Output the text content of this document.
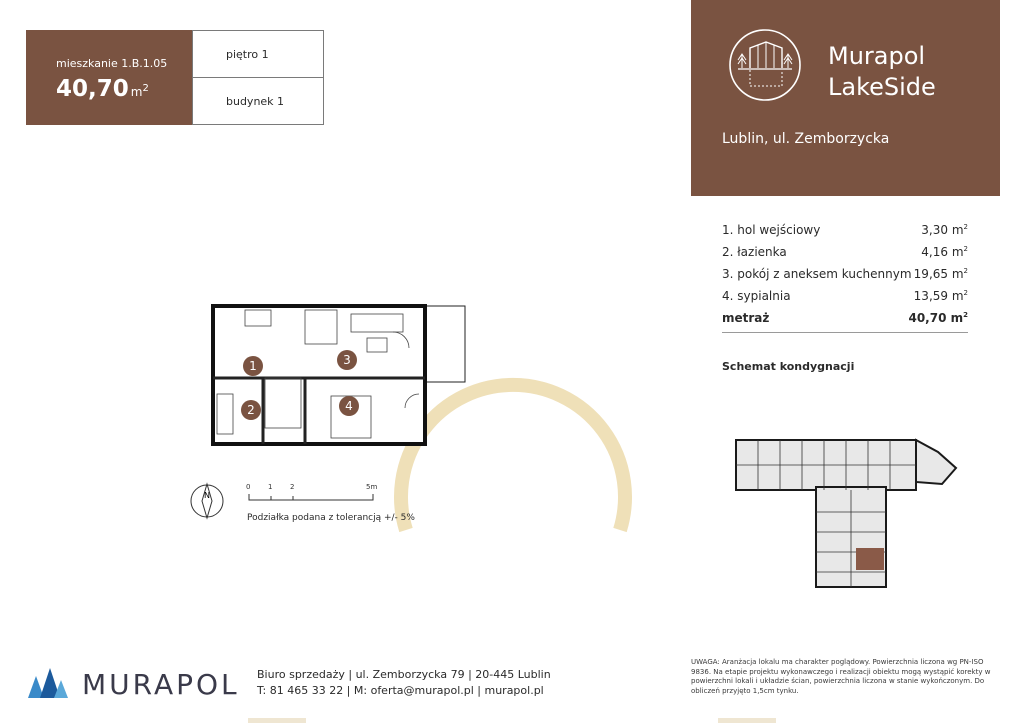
mieszkanie 1.B.1.05
40,70 $m^2$
piętro 1
budynek 1
Murapol
LakeSide
Lublin, ul. Zemborzycka
1. hol wejściowy	3,30 $m^2$
2. łazienka	4,16 $m^2$
3. pokój z aneksem kuchennym 19,65 $m^2$
4. sypialnia	13,59 $m^2$
metraż	40,70 $m^2$
Schemat kondygnacji
1
2
3
4
N
0	1	2	5m
Podziałka podana z tolerancją +/- 5%
MURAPOL Biuro sprzedaży | ul. Zemborzycka 79 | 20-445 Lublin
T: 81 465 33 22 | M: oferta@murapol.pl | murapol.pl
UWAGA: Aranżacja lokalu ma charakter poglądowy. Powierzchnia liczona wg PN-ISO 9836. Na etapie projektu wykonawczego i realizacji obiektu mogą wystąpić korekty w powierzchni lokali i układzie ścian, powierzchnia liczona w stanie wykończonym. Do obliczeń przyjęto 1,5cm tynku.
